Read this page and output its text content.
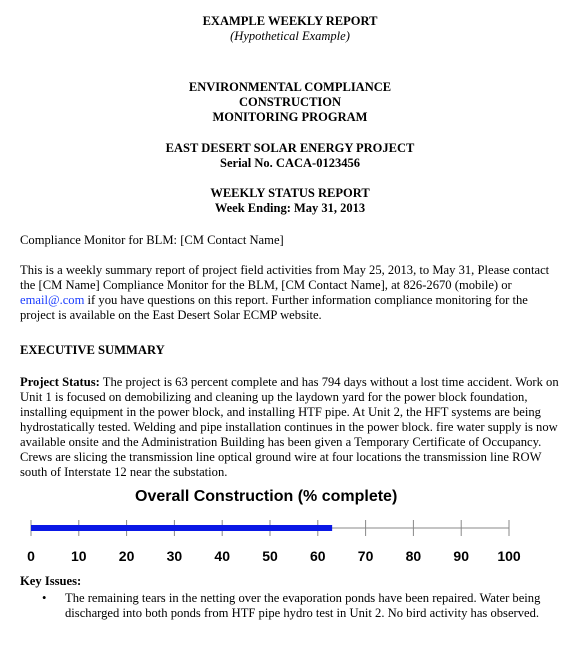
EXAMPLE WEEKLY REPORT
(Hypothetical Example)
ENVIRONMENTAL COMPLIANCE
CONSTRUCTION
MONITORING PROGRAM
EAST DESERT SOLAR ENERGY PROJECT
Serial No. CACA-0123456
WEEKLY STATUS REPORT
Week Ending: May 31, 2013
Compliance Monitor for BLM: [CM Contact Name]
This is a weekly summary report of project field activities from May 25, 2013, to May 31, Please contact the [CM Name] Compliance Monitor for the BLM, [CM Contact Name], at 826-2670 (mobile) or email@.com if you have questions on this report. Further information compliance monitoring for the project is available on the East Desert Solar ECMP website.
EXECUTIVE SUMMARY
Project Status: The project is 63 percent complete and has 794 days without a lost time accident. Work on Unit 1 is focused on demobilizing and cleaning up the laydown yard for the power block foundation, installing equipment in the power block, and installing HTF pipe. At Unit 2, the HFT systems are being hydrostatically tested. Welding and pipe installation continues in the power block. fire water supply is now available onsite and the Administration Building has been given a Temporary Certificate of Occupancy. Crews are slicing the transmission line optical ground wire at four locations the transmission line ROW south of Interstate 12 near the substation.
Overall Construction (% complete)
0	10 20 30 40 50 60 70 80 90 100
Key Issues:
• The remaining tears in the netting over the evaporation ponds have been repaired. Water being discharged into both ponds from HTF pipe hydro test in Unit 2. No bird activity has observed.
